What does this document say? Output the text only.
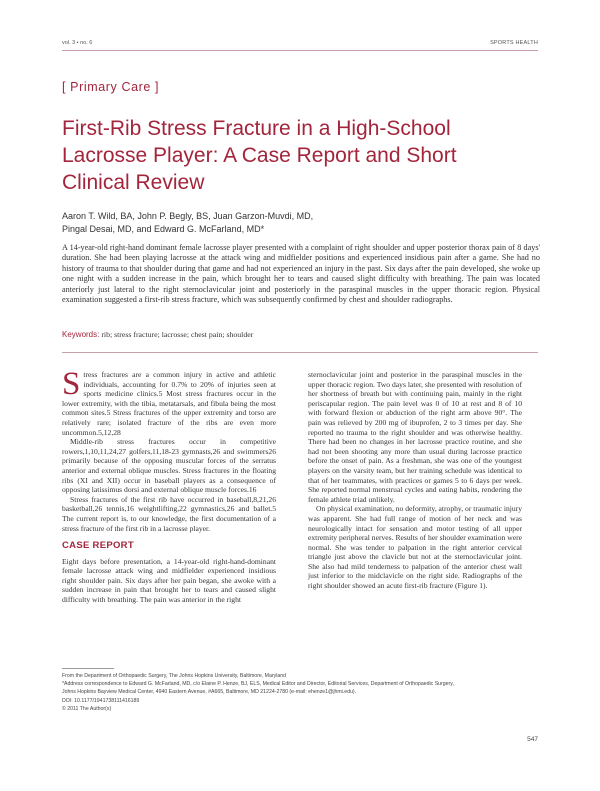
vol. 3 • no. 6	SPORTS HEALTH
[ Primary Care ]
First-Rib Stress Fracture in a High-School Lacrosse Player: A Case Report and Short Clinical Review
Aaron T. Wild, BA, John P. Begly, BS, Juan Garzon-Muvdi, MD,
Pingal Desai, MD, and Edward G. McFarland, MD*

A 14-year-old right-hand dominant female lacrosse player presented with a complaint of right shoulder and upper posterior thorax pain of 8 days' duration. She had been playing lacrosse at the attack wing and midfielder positions and experienced insidious pain after a game. She had no history of trauma to that shoulder during that game and had not experienced an injury in the past. Six days after the pain developed, she woke up one night with a sudden increase in the pain, which brought her to tears and caused slight difficulty with breathing. The pain was located anteriorly just lateral to the right sternoclavicular joint and posteriorly in the paraspinal muscles in the upper thoracic region. Physical examination suggested a first-rib stress fracture, which was subsequently confirmed by chest and shoulder radiographs.

Keywords: rib; stress fracture; lacrosse; chest pain; shoulder

Stress fractures are a common injury in active and athletic individuals, accounting for 0.7% to 20% of injuries seen at sports medicine clinics.5 Most stress fractures occur in the lower extremity, with the tibia, metatarsals, and fibula being the most common sites.5 Stress fractures of the upper extremity and torso are relatively rare; isolated fracture of the ribs are even more uncommon.5,12,28

Middle-rib stress fractures occur in competitive rowers,1,10,11,24,27 golfers,11,18-23 gymnasts,26 and swimmers26 primarily because of the opposing muscular forces of the serratus anterior and external oblique muscles. Stress fractures in the floating ribs (XI and XII) occur in baseball players as a consequence of opposing latissimus dorsi and external oblique muscle forces.16

Stress fractures of the first rib have occurred in baseball,8,21,26 basketball,26 tennis,16 weightlifting,22 gymnastics,26 and ballet.5 The current report is, to our knowledge, the first documentation of a stress fracture of the first rib in a lacrosse player.

CASE REPORT

Eight days before presentation, a 14-year-old right-hand-dominant female lacrosse attack wing and midfielder experienced insidious right shoulder pain. Six days after her pain began, she awoke with a sudden increase in pain that brought her to tears and caused slight difficulty with breathing. The pain was anterior in the right

sternoclavicular joint and posterior in the paraspinal muscles in the upper thoracic region. Two days later, she presented with resolution of her shortness of breath but with continuing pain, mainly in the right periscapular region. The pain level was 0 of 10 at rest and 8 of 10 with forward flexion or abduction of the right arm above 90°. The pain was relieved by 200 mg of ibuprofen, 2 to 3 times per day. She reported no trauma to the right shoulder and was otherwise healthy. There had been no changes in her lacrosse practice routine, and she had not been shooting any more than usual during lacrosse practice before the onset of pain. As a freshman, she was one of the youngest players on the varsity team, but her training schedule was identical to that of her teammates, with practices or games 5 to 6 days per week. She reported normal menstrual cycles and eating habits, rendering the female athlete triad unlikely.

On physical examination, no deformity, atrophy, or traumatic injury was apparent. She had full range of motion of her neck and was neurologically intact for sensation and motor testing of all upper extremity peripheral nerves. Results of her shoulder examination were normal. She was tender to palpation in the right anterior cervical triangle just above the clavicle but not at the sternoclavicular joint. She also had mild tenderness to palpation of the anterior chest wall just inferior to the midclavicle on the right side. Radiographs of the right shoulder showed an acute first-rib fracture (Figure 1).

From the Department of Orthopaedic Surgery, The Johns Hopkins University, Baltimore, Maryland
*Address correspondence to Edward G. McFarland, MD, c/o Elaine P. Henze, BJ, ELS, Medical Editor and Director, Editorial Services, Department of Orthopaedic Surgery,
Johns Hopkins Bayview Medical Center, 4940 Eastern Avenue, #A665, Baltimore, MD 21224-2780 (e-mail: ehenze1@jhmi.edu).
DOI: 10.1177/1941738111416189
© 2011 The Author(s)
547
